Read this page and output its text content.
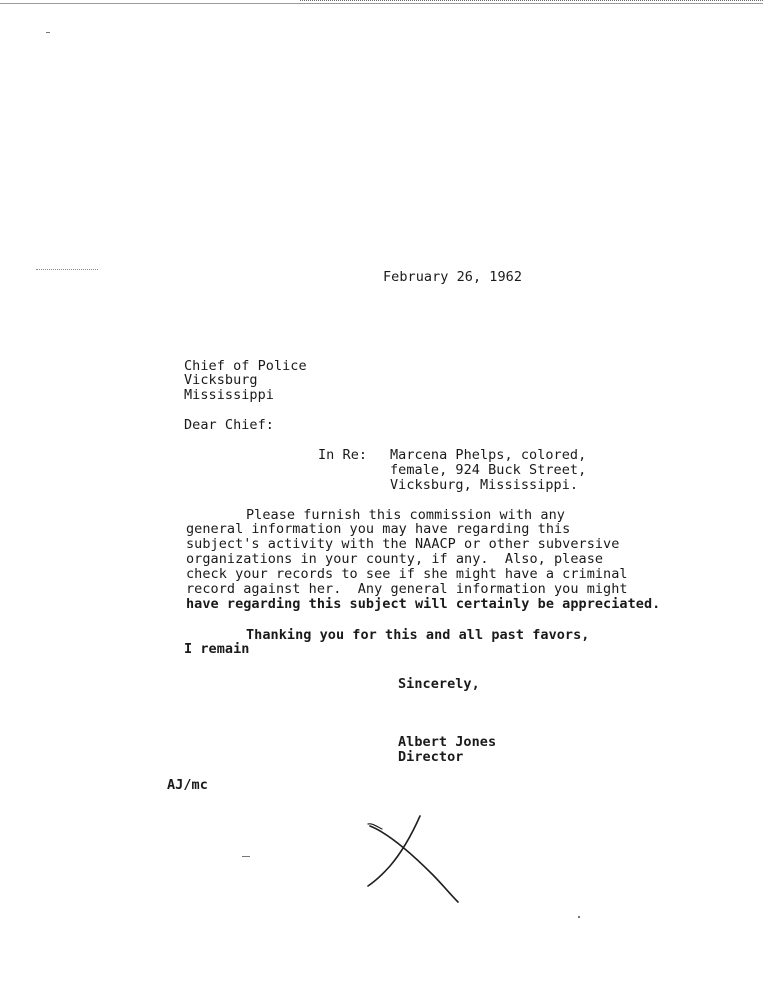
February 26, 1962
Chief of Police
Vicksburg
Mississippi
Dear Chief:
In Re: Marcena Phelps, colored,
female, 924 Buck Street,
Vicksburg, Mississippi.
Please furnish this commission with any
general information you may have regarding this
subject's activity with the NAACP or other subversive
organizations in your county, if any.  Also, please
check your records to see if she might have a criminal
record against her.  Any general information you might
have regarding this subject will certainly be appreciated.
Thanking you for this and all past favors,
I remain
Sincerely,
Albert Jones
Director
AJ/mc
